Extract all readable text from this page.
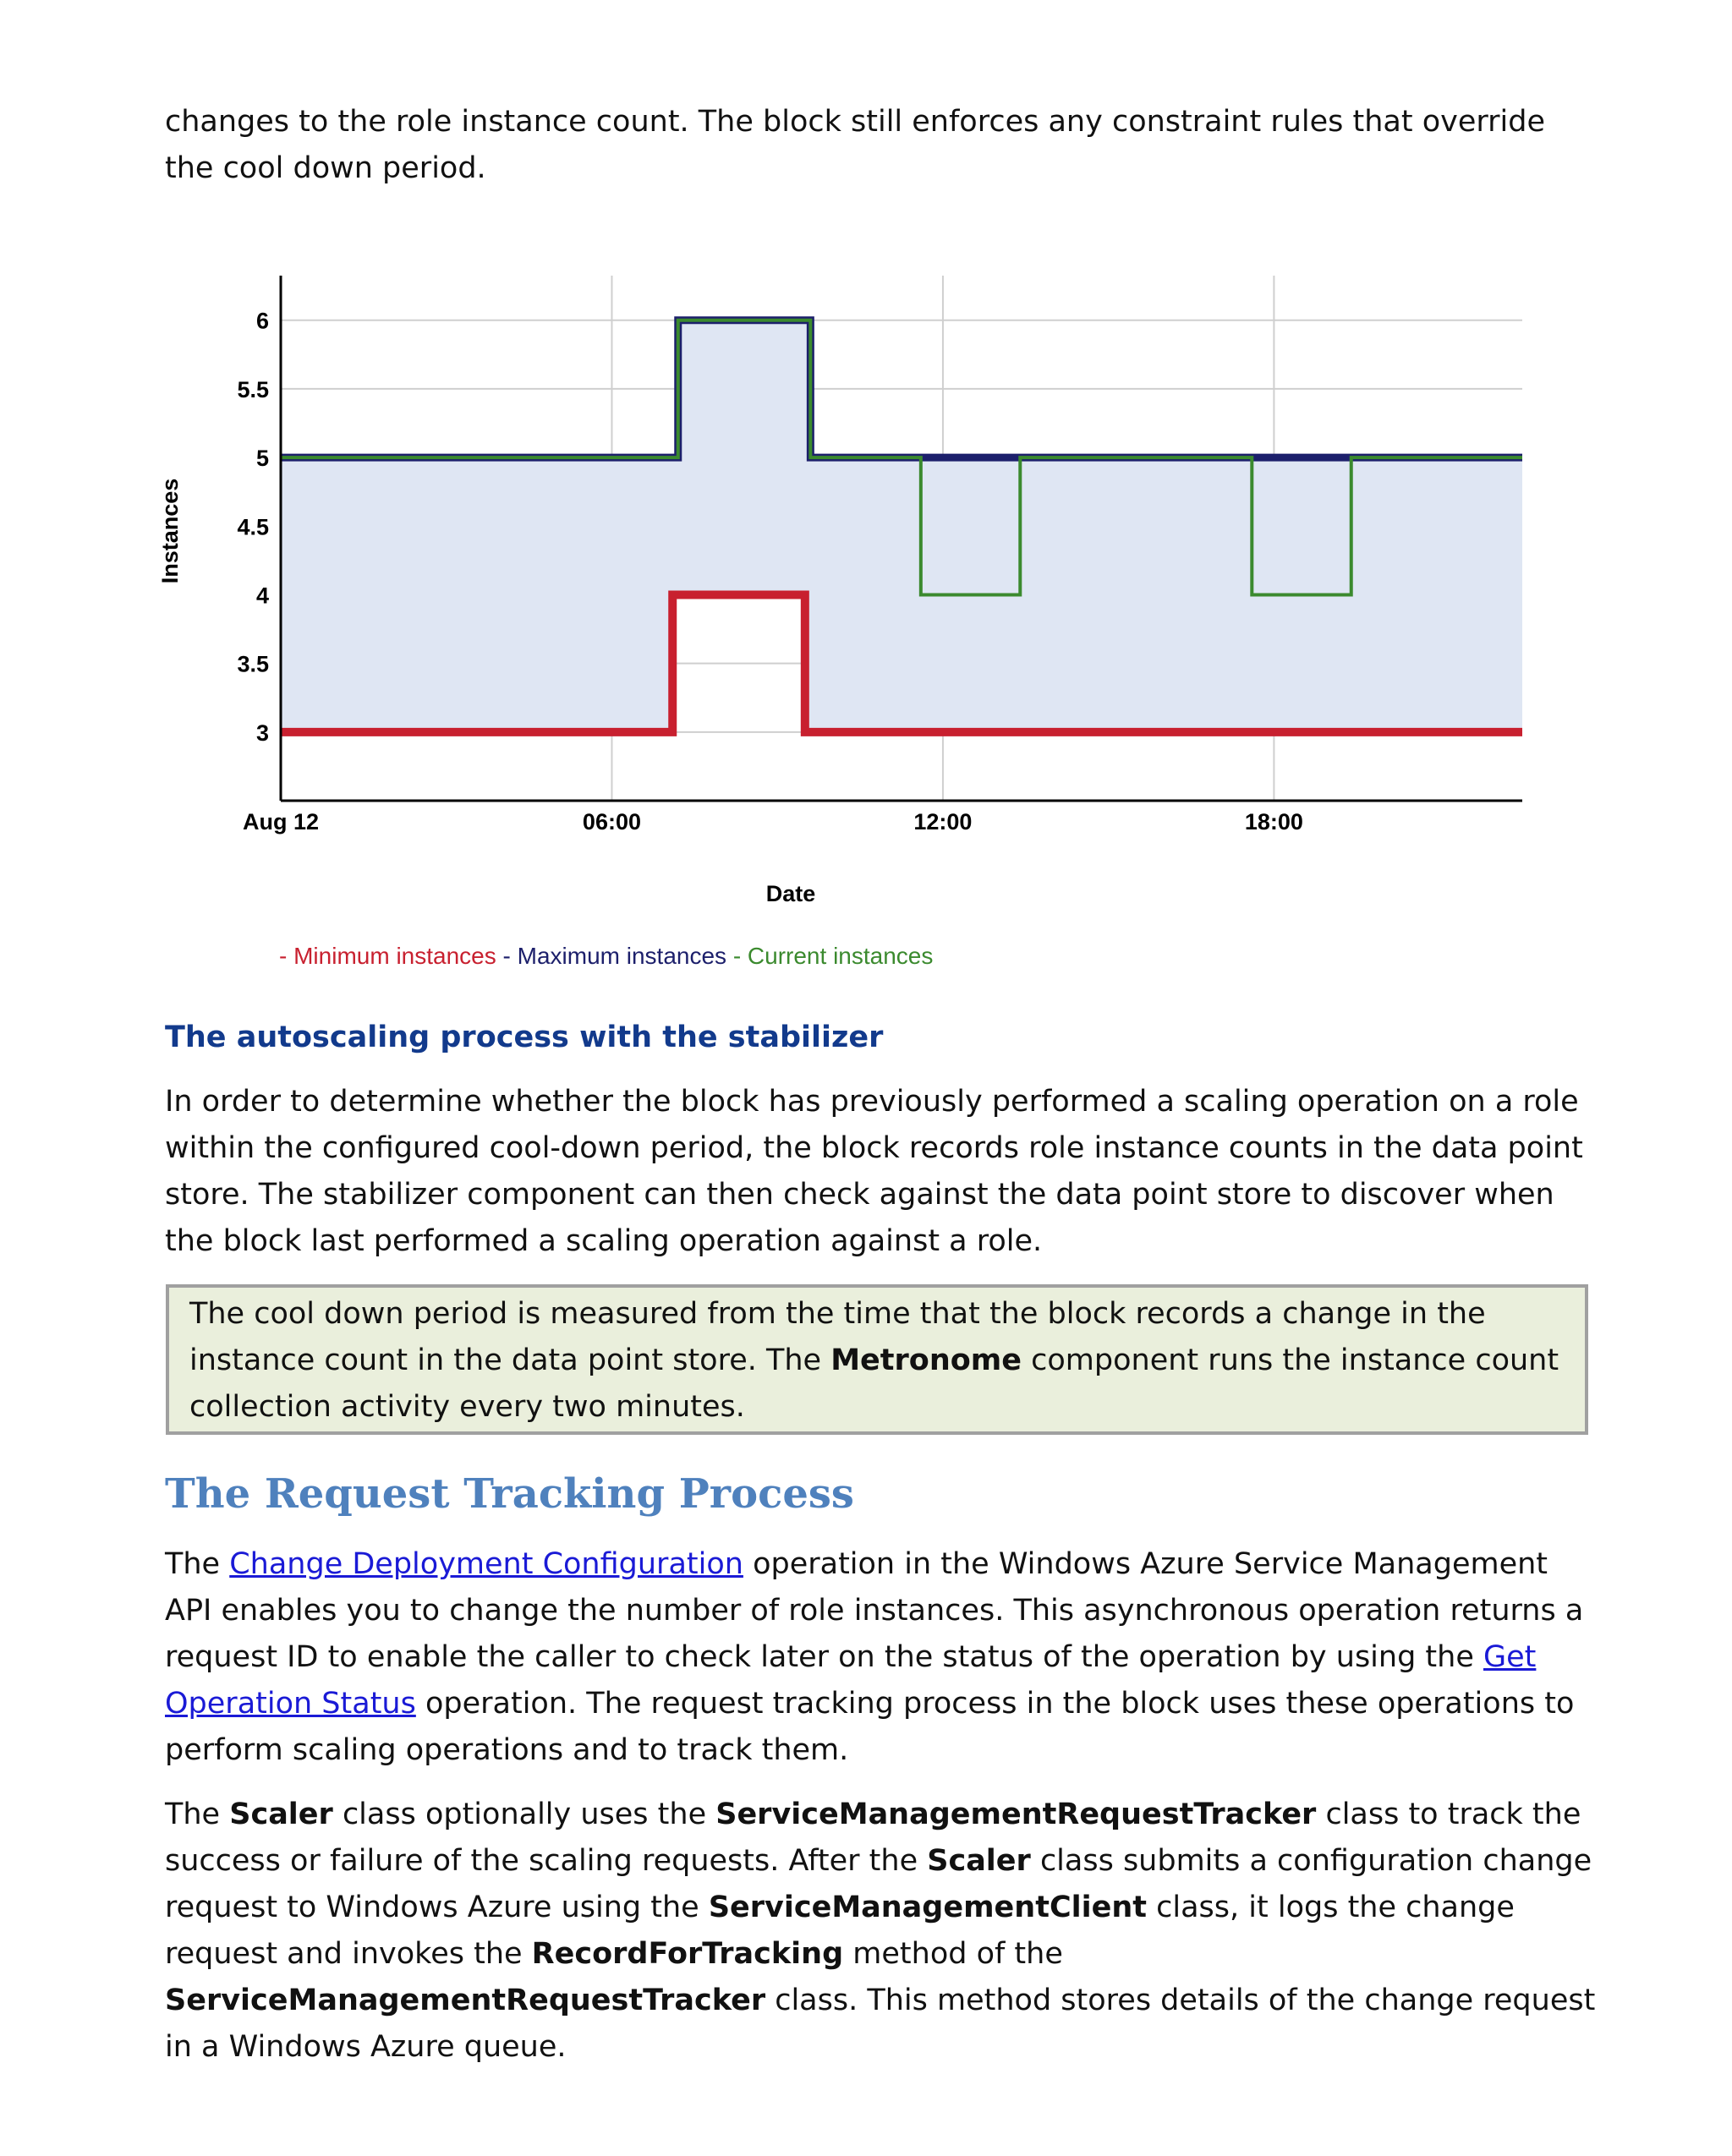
changes to the role instance count. The block still enforces any constraint rules that override the cool down period.

3
3.5
4
4.5
5
5.5
6
Aug 12	06:00	12:00	18:00
Instances
Date
- Minimum instances - Maximum instances - Current instances
The autoscaling process with the stabilizer

In order to determine whether the block has previously performed a scaling operation on a role within the configured cool-down period, the block records role instance counts in the data point store. The stabilizer component can then check against the data point store to discover when the block last performed a scaling operation against a role.

The cool down period is measured from the time that the block records a change in the instance count in the data point store. The Metronome component runs the instance count collection activity every two minutes.

The Request Tracking Process

The Change Deployment Configuration operation in the Windows Azure Service Management API enables you to change the number of role instances. This asynchronous operation returns a request ID to enable the caller to check later on the status of the operation by using the Get Operation Status operation. The request tracking process in the block uses these operations to perform scaling operations and to track them.

The Scaler class optionally uses the ServiceManagementRequestTracker class to track the success or failure of the scaling requests. After the Scaler class submits a configuration change request to Windows Azure using the ServiceManagementClient class, it logs the change request and invokes the RecordForTracking method of the ServiceManagementRequestTracker class. This method stores details of the change request in a Windows Azure queue.
